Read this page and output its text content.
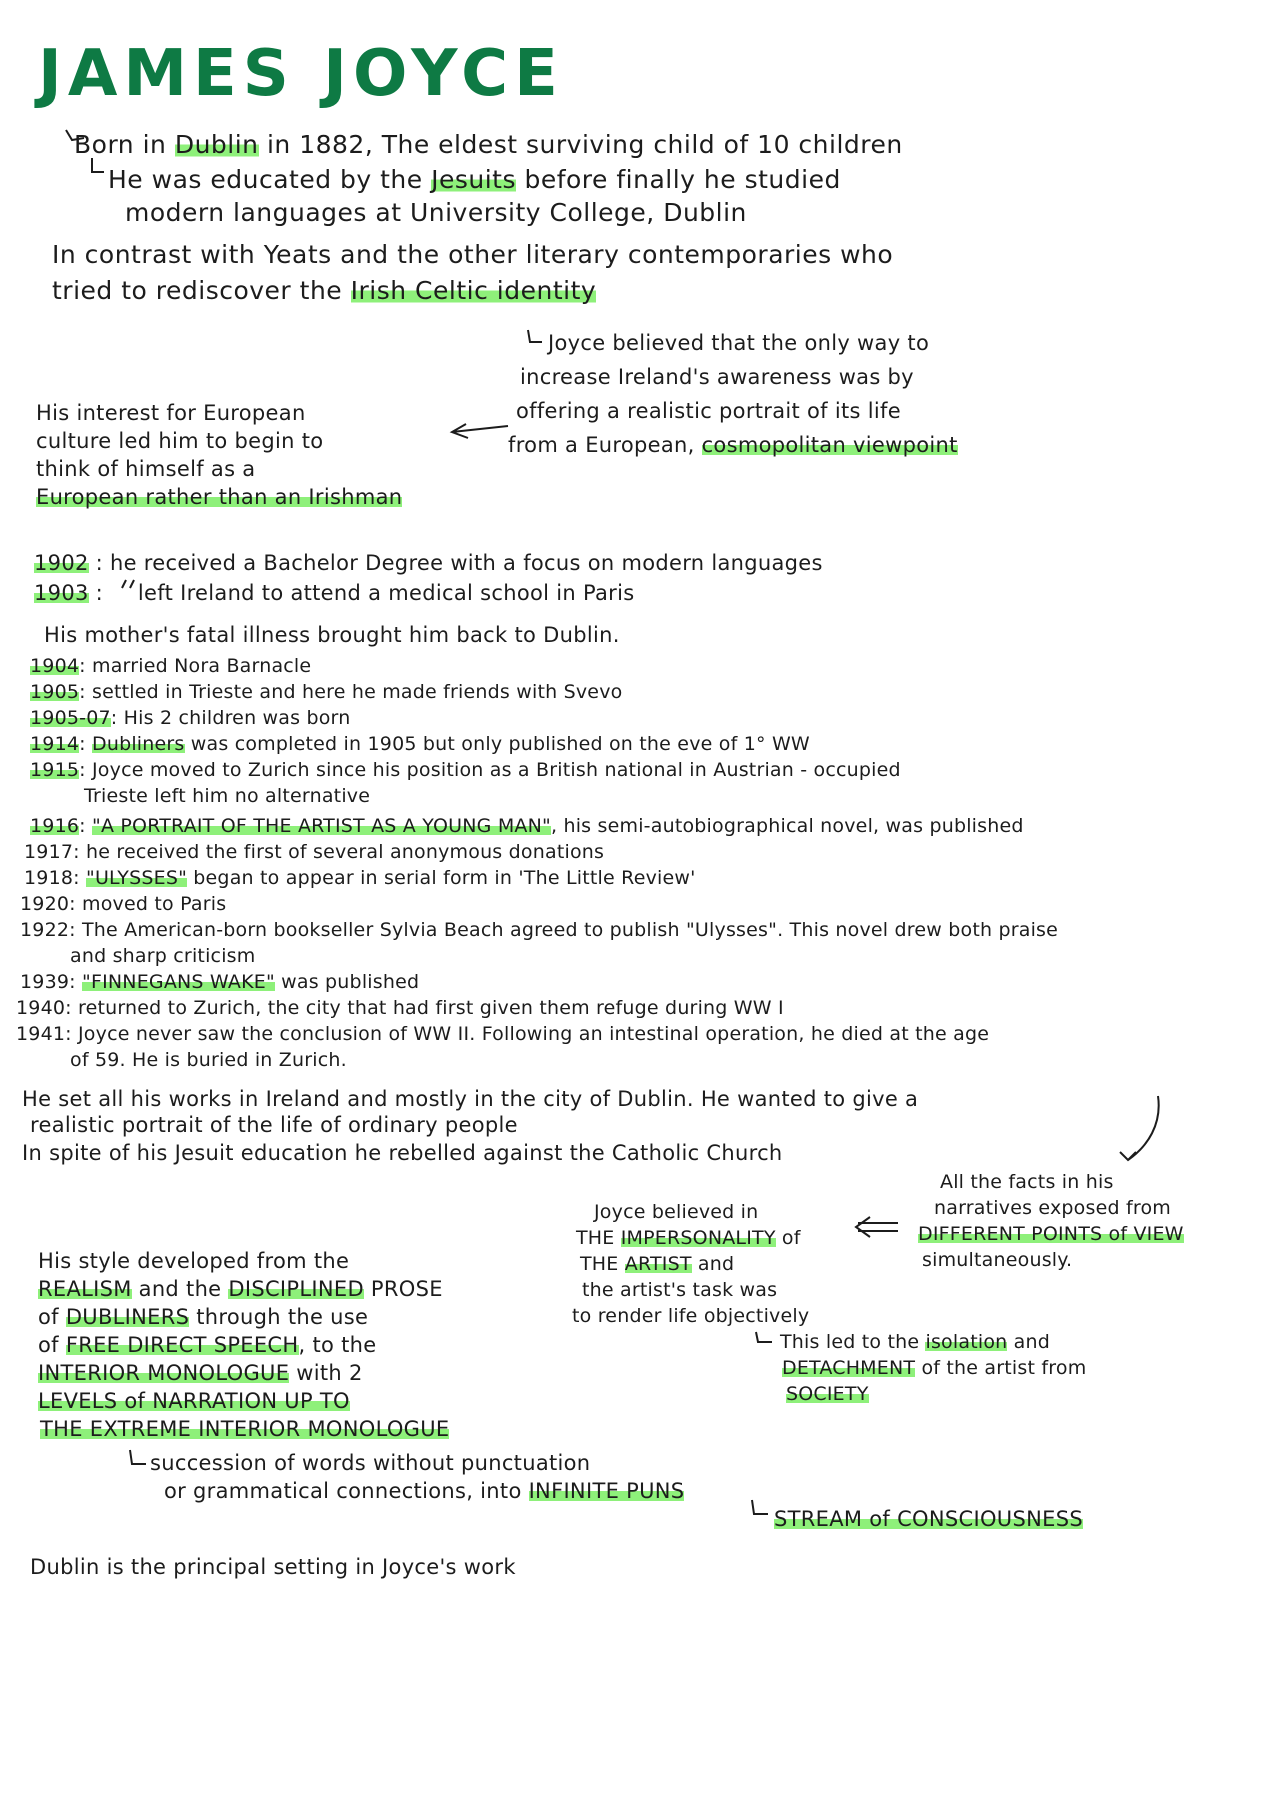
JAMES JOYCE
Born in Dublin in 1882, The eldest surviving child of 10 children
He was educated by the Jesuits before finally he studied
modern languages at University College, Dublin
In contrast with Yeats and the other literary contemporaries who
tried to rediscover the Irish Celtic identity
Joyce believed that the only way to
increase Ireland's awareness was by
offering a realistic portrait of its life
from a European, cosmopolitan viewpoint
His interest for European
culture led him to begin to
think of himself as a
European rather than an Irishman
1902 : he received a Bachelor Degree with a focus on modern languages
1903 :     left Ireland to attend a medical school in Paris
His mother's fatal illness brought him back to Dublin.
1904: married Nora Barnacle
1905: settled in Trieste and here he made friends with Svevo
1905-07: His 2 children was born
1914: Dubliners was completed in 1905 but only published on the eve of 1° WW
1915: Joyce moved to Zurich since his position as a British national in Austrian - occupied
Trieste left him no alternative
1916: "A PORTRAIT OF THE ARTIST AS A YOUNG MAN", his semi-autobiographical novel, was published
1917: he received the first of several anonymous donations
1918: "ULYSSES" began to appear in serial form in 'The Little Review'
1920: moved to Paris
1922: The American-born bookseller Sylvia Beach agreed to publish "Ulysses". This novel drew both praise
and sharp criticism
1939: "FINNEGANS WAKE" was published
1940: returned to Zurich, the city that had first given them refuge during WW I
1941: Joyce never saw the conclusion of WW II. Following an intestinal operation, he died at the age
of 59. He is buried in Zurich.
He set all his works in Ireland and mostly in the city of Dublin. He wanted to give a
realistic portrait of the life of ordinary people
In spite of his Jesuit education he rebelled against the Catholic Church
All the facts in his
narratives exposed from
DIFFERENT POINTS of VIEW
simultaneously.
Joyce believed in
THE IMPERSONALITY of
THE ARTIST and
the artist's task was
to render life objectively
This led to the isolation and
DETACHMENT of the artist from
SOCIETY
His style developed from the
REALISM and the DISCIPLINED PROSE
of DUBLINERS through the use
of FREE DIRECT SPEECH, to the
INTERIOR MONOLOGUE with 2
LEVELS of NARRATION UP TO
THE EXTREME INTERIOR MONOLOGUE
succession of words without punctuation
or grammatical connections, into INFINITE PUNS
STREAM of CONSCIOUSNESS
Dublin is the principal setting in Joyce's work
